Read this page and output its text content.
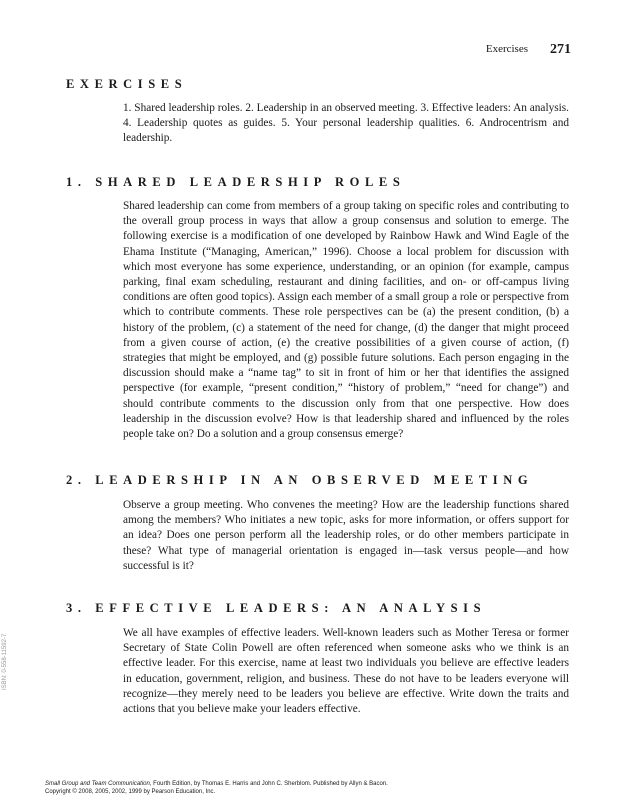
Exercises 271
EXERCISES

1. Shared leadership roles. 2. Leadership in an observed meeting. 3. Effective leaders: An analysis. 4. Leadership quotes as guides. 5. Your personal leadership qualities. 6. Androcentrism and leadership.

1. SHARED LEADERSHIP ROLES

Shared leadership can come from members of a group taking on specific roles and contributing to the overall group process in ways that allow a group consensus and solution to emerge. The following exercise is a modification of one developed by Rainbow Hawk and Wind Eagle of the Ehama Institute (“Managing, American,” 1996). Choose a local problem for discussion with which most everyone has some experience, understanding, or an opinion (for example, campus parking, final exam scheduling, restaurant and dining facilities, and on- or off-campus living conditions are often good topics). Assign each member of a small group a role or perspective from which to contribute comments. These role perspectives can be (a) the present condition, (b) a history of the problem, (c) a statement of the need for change, (d) the danger that might proceed from a given course of action, (e) the creative possibilities of a given course of action, (f) strategies that might be employed, and (g) possible future solutions. Each person engaging in the discussion should make a “name tag” to sit in front of him or her that identifies the assigned perspective (for example, “present condition,” “history of problem,” “need for change”) and should contribute comments to the discussion only from that one perspective. How does leadership in the discussion evolve? How is that leadership shared and influenced by the roles people take on? Do a solution and a group consensus emerge?

2. LEADERSHIP IN AN OBSERVED MEETING

Observe a group meeting. Who convenes the meeting? How are the leadership functions shared among the members? Who initiates a new topic, asks for more information, or offers support for an idea? Does one person perform all the leadership roles, or do other members participate in these? What type of managerial orientation is engaged in—task versus people—and how successful is it?

3. EFFECTIVE LEADERS: AN ANALYSIS

We all have examples of effective leaders. Well-known leaders such as Mother Teresa or former Secretary of State Colin Powell are often referenced when someone asks who we think is an effective leader. For this exercise, name at least two individuals you believe are effective leaders in education, government, religion, and business. These do not have to be leaders everyone will recognize—they merely need to be leaders you believe are effective. Write down the traits and actions that you believe make your leaders effective.

ISBN: 0-558-11592-7
Small Group and Team Communication, Fourth Edition, by Thomas E. Harris and John C. Sherblom. Published by Allyn & Bacon.
Copyright © 2008, 2005, 2002, 1999 by Pearson Education, Inc.
